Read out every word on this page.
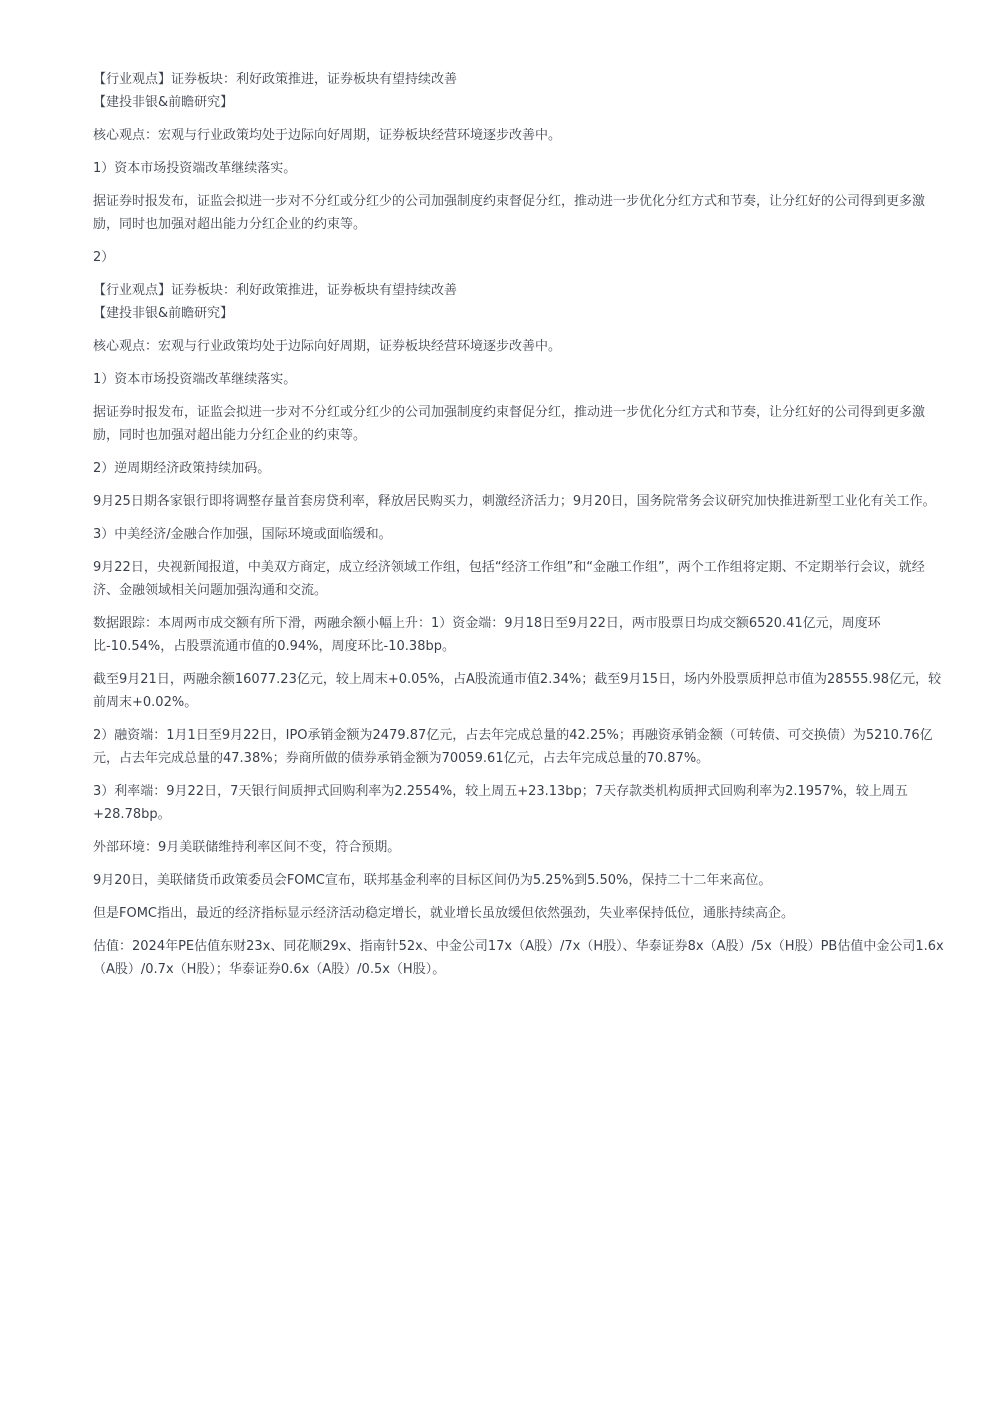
【行业观点】证券板块：利好政策推进，证券板块有望持续改善

【建投非银&前瞻研究】

核心观点：宏观与行业政策均处于边际向好周期，证券板块经营环境逐步改善中。

1）资本市场投资端改革继续落实。

据证券时报发布，证监会拟进一步对不分红或分红少的公司加强制度约束督促分红，推动进一步优化分红方式和节奏，让分红好的公司得到更多激励，同时也加强对超出能力分红企业的约束等。

2）

【行业观点】证券板块：利好政策推进，证券板块有望持续改善

【建投非银&前瞻研究】

核心观点：宏观与行业政策均处于边际向好周期，证券板块经营环境逐步改善中。

1）资本市场投资端改革继续落实。

据证券时报发布，证监会拟进一步对不分红或分红少的公司加强制度约束督促分红，推动进一步优化分红方式和节奏，让分红好的公司得到更多激励，同时也加强对超出能力分红企业的约束等。

2）逆周期经济政策持续加码。

9月25日期各家银行即将调整存量首套房贷利率，释放居民购买力，刺激经济活力；9月20日，国务院常务会议研究加快推进新型工业化有关工作。

3）中美经济/金融合作加强，国际环境或面临缓和。

9月22日，央视新闻报道，中美双方商定，成立经济领域工作组，包括“经济工作组”和“金融工作组”，两个工作组将定期、不定期举行会议，就经济、金融领域相关问题加强沟通和交流。

数据跟踪：本周两市成交额有所下滑，两融余额小幅上升：1）资金端：9月18日至9月22日，两市股票日均成交额6520.41亿元，周度环比-10.54%，占股票流通市值的0.94%，周度环比-10.38bp。

截至9月21日，两融余额16077.23亿元，较上周末+0.05%，占A股流通市值2.34%；截至9月15日，场内外股票质押总市值为28555.98亿元，较前周末+0.02%。

2）融资端：1月1日至9月22日，IPO承销金额为2479.87亿元，占去年完成总量的42.25%；再融资承销金额（可转债、可交换债）为5210.76亿元，占去年完成总量的47.38%；券商所做的债券承销金额为70059.61亿元，占去年完成总量的70.87%。

3）利率端：9月22日，7天银行间质押式回购利率为2.2554%，较上周五+23.13bp；7天存款类机构质押式回购利率为2.1957%，较上周五+28.78bp。

外部环境：9月美联储维持利率区间不变，符合预期。

9月20日，美联储货币政策委员会FOMC宣布，联邦基金利率的目标区间仍为5.25%到5.50%，保持二十二年来高位。

但是FOMC指出，最近的经济指标显示经济活动稳定增长，就业增长虽放缓但依然强劲，失业率保持低位，通胀持续高企。

估值：2024年PE估值东财23x、同花顺29x、指南针52x、中金公司17x（A股）/7x（H股）、华泰证券8x（A股）/5x（H股）PB估值中金公司1.6x（A股）/0.7x（H股）；华泰证券0.6x（A股）/0.5x（H股）。
